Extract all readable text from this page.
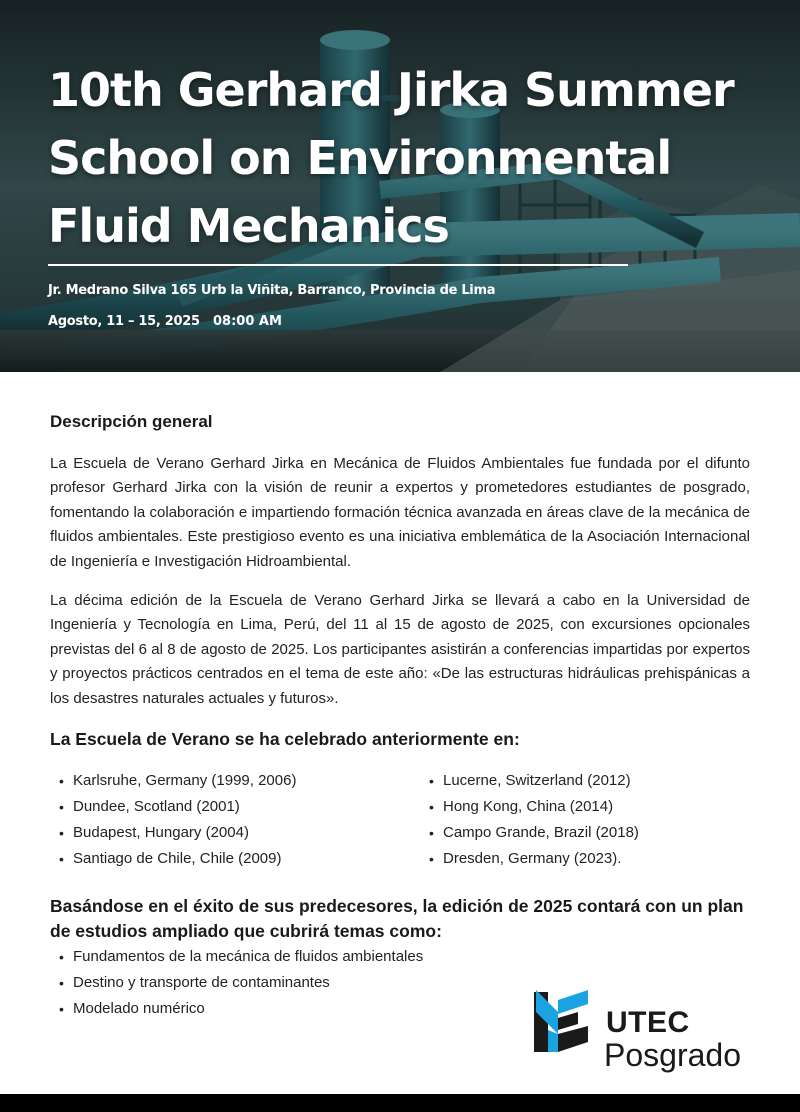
10th Gerhard Jirka Summer
School on Environmental
Fluid Mechanics
Jr. Medrano Silva 165 Urb la Viñita, Barranco, Provincia de Lima
Agosto, 11 – 15, 2025 08:00 AM
Descripción general

La Escuela de Verano Gerhard Jirka en Mecánica de Fluidos Ambientales fue fundada por el difunto profesor Gerhard Jirka con la visión de reunir a expertos y prometedores estudiantes de posgrado, fomentando la colaboración e impartiendo formación técnica avanzada en áreas clave de la mecánica de fluidos ambientales. Este prestigioso evento es una iniciativa emblemática de la Asociación Internacional de Ingeniería e Investigación Hidroambiental.

La décima edición de la Escuela de Verano Gerhard Jirka se llevará a cabo en la Universidad de Ingeniería y Tecnología en Lima, Perú, del 11 al 15 de agosto de 2025, con excursiones opcionales previstas del 6 al 8 de agosto de 2025. Los participantes asistirán a conferencias impartidas por expertos y proyectos prácticos centrados en el tema de este año: «De las estructuras hidráulicas prehispánicas a los desastres naturales actuales y futuros».

La Escuela de Verano se ha celebrado anteriormente en:
• Karlsruhe, Germany (1999, 2006)
• Dundee, Scotland (2001)
• Budapest, Hungary (2004)
• Santiago de Chile, Chile (2009)
• Lucerne, Switzerland (2012)
• Hong Kong, China (2014)
• Campo Grande, Brazil (2018)
• Dresden, Germany (2023).
Basándose en el éxito de sus predecesores, la edición de 2025 contará con un plan de estudios ampliado que cubrirá temas como:
• Fundamentos de la mecánica de fluidos ambientales
• Destino y transporte de contaminantes
• Modelado numérico	UTEC
Posgrado
